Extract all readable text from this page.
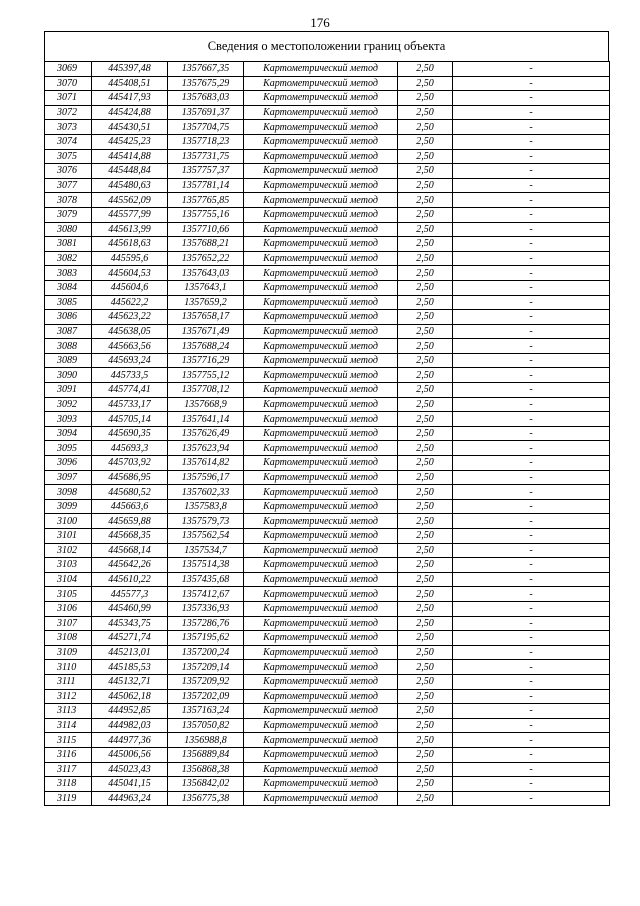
176
Сведения о местоположении границ объекта
3069	445397,48	1357667,35	Картометрический метод	2,50	-
3070	445408,51	1357675,29	Картометрический метод	2,50	-
3071	445417,93	1357683,03	Картометрический метод	2,50	-
3072	445424,88	1357691,37	Картометрический метод	2,50	-
3073	445430,51	1357704,75	Картометрический метод	2,50	-
3074	445425,23	1357718,23	Картометрический метод	2,50	-
3075	445414,88	1357731,75	Картометрический метод	2,50	-
3076	445448,84	1357757,37	Картометрический метод	2,50	-
3077	445480,63	1357781,14	Картометрический метод	2,50	-
3078	445562,09	1357765,85	Картометрический метод	2,50	-
3079	445577,99	1357755,16	Картометрический метод	2,50	-
3080	445613,99	1357710,66	Картометрический метод	2,50	-
3081	445618,63	1357688,21	Картометрический метод	2,50	-
3082	445595,6	1357652,22	Картометрический метод	2,50	-
3083	445604,53	1357643,03	Картометрический метод	2,50	-
3084	445604,6	1357643,1	Картометрический метод	2,50	-
3085	445622,2	1357659,2	Картометрический метод	2,50	-
3086	445623,22	1357658,17	Картометрический метод	2,50	-
3087	445638,05	1357671,49	Картометрический метод	2,50	-
3088	445663,56	1357688,24	Картометрический метод	2,50	-
3089	445693,24	1357716,29	Картометрический метод	2,50	-
3090	445733,5	1357755,12	Картометрический метод	2,50	-
3091	445774,41	1357708,12	Картометрический метод	2,50	-
3092	445733,17	1357668,9	Картометрический метод	2,50	-
3093	445705,14	1357641,14	Картометрический метод	2,50	-
3094	445690,35	1357626,49	Картометрический метод	2,50	-
3095	445693,3	1357623,94	Картометрический метод	2,50	-
3096	445703,92	1357614,82	Картометрический метод	2,50	-
3097	445686,95	1357596,17	Картометрический метод	2,50	-
3098	445680,52	1357602,33	Картометрический метод	2,50	-
3099	445663,6	1357583,8	Картометрический метод	2,50	-
3100	445659,88	1357579,73	Картометрический метод	2,50	-
3101	445668,35	1357562,54	Картометрический метод	2,50	-
3102	445668,14	1357534,7	Картометрический метод	2,50	-
3103	445642,26	1357514,38	Картометрический метод	2,50	-
3104	445610,22	1357435,68	Картометрический метод	2,50	-
3105	445577,3	1357412,67	Картометрический метод	2,50	-
3106	445460,99	1357336,93	Картометрический метод	2,50	-
3107	445343,75	1357286,76	Картометрический метод	2,50	-
3108	445271,74	1357195,62	Картометрический метод	2,50	-
3109	445213,01	1357200,24	Картометрический метод	2,50	-
3110	445185,53	1357209,14	Картометрический метод	2,50	-
3111	445132,71	1357209,92	Картометрический метод	2,50	-
3112	445062,18	1357202,09	Картометрический метод	2,50	-
3113	444952,85	1357163,24	Картометрический метод	2,50	-
3114	444982,03	1357050,82	Картометрический метод	2,50	-
3115	444977,36	1356988,8	Картометрический метод	2,50	-
3116	445006,56	1356889,84	Картометрический метод	2,50	-
3117	445023,43	1356868,38	Картометрический метод	2,50	-
3118	445041,15	1356842,02	Картометрический метод	2,50	-
3119	444963,24	1356775,38	Картометрический метод	2,50	-
